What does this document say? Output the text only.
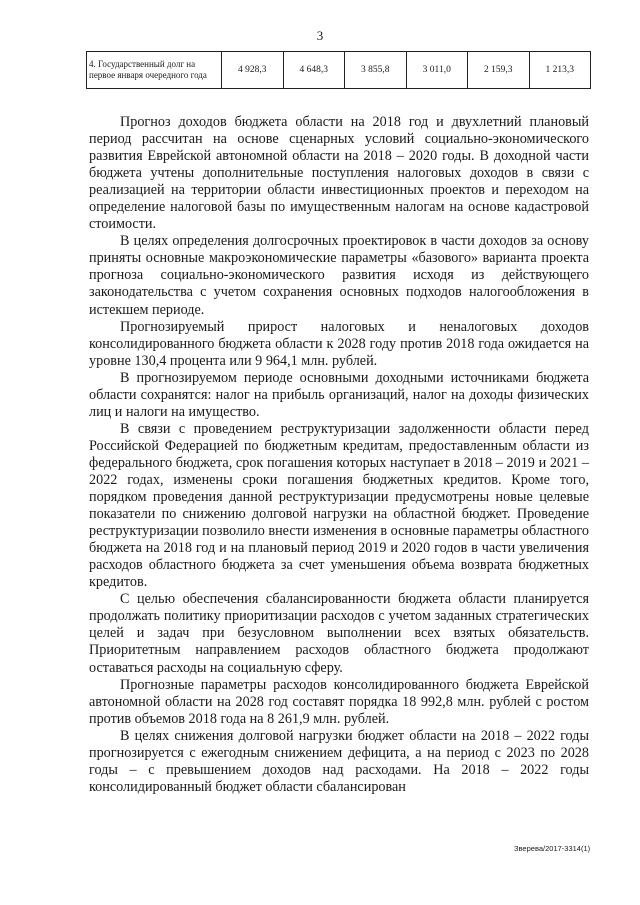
3
4. Государственный долг на первое января очередного года	4 928,3	4 648,3	3 855,8	3 011,0	2 159,3	1 213,3

Прогноз доходов бюджета области на 2018 год и двухлетний плановый период рассчитан на основе сценарных условий социально-экономического развития Еврейской автономной области на 2018 – 2020 годы. В доходной части бюджета учтены дополнительные поступления налоговых доходов в связи с реализацией на территории области инвестиционных проектов и переходом на определение налоговой базы по имущественным налогам на основе кадастровой стоимости.

В целях определения долгосрочных проектировок в части доходов за основу приняты основные макроэкономические параметры «базового» варианта проекта прогноза социально-экономического развития исходя из действующего законодательства с учетом сохранения основных подходов налогообложения в истекшем периоде.

Прогнозируемый прирост налоговых и неналоговых доходов консолидированного бюджета области к 2028 году против 2018 года ожидается на уровне 130,4 процента или 9 964,1 млн. рублей.

В прогнозируемом периоде основными доходными источниками бюджета области сохранятся: налог на прибыль организаций, налог на доходы физических лиц и налоги на имущество.

В связи с проведением реструктуризации задолженности области перед Российской Федерацией по бюджетным кредитам, предоставленным области из федерального бюджета, срок погашения которых наступает в 2018 – 2019 и 2021 – 2022 годах, изменены сроки погашения бюджетных кредитов. Кроме того, порядком проведения данной реструктуризации предусмотрены новые целевые показатели по снижению долговой нагрузки на областной бюджет. Проведение реструктуризации позволило внести изменения в основные параметры областного бюджета на 2018 год и на плановый период 2019 и 2020 годов в части увеличения расходов областного бюджета за счет уменьшения объема возврата бюджетных кредитов.

С целью обеспечения сбалансированности бюджета области планируется продолжать политику приоритизации расходов с учетом заданных стратегических целей и задач при безусловном выполнении всех взятых обязательств. Приоритетным направлением расходов областного бюджета продолжают оставаться расходы на социальную сферу.

Прогнозные параметры расходов консолидированного бюджета Еврейской автономной области на 2028 год составят порядка 18 992,8 млн. рублей с ростом против объемов 2018 года на 8 261,9 млн. рублей.

В целях снижения долговой нагрузки бюджет области на 2018 – 2022 годы прогнозируется с ежегодным снижением дефицита, а на период с 2023 по 2028 годы – с превышением доходов над расходами. На 2018 – 2022 годы консолидированный бюджет области сбалансирован

Зверева/2017-3314(1)
